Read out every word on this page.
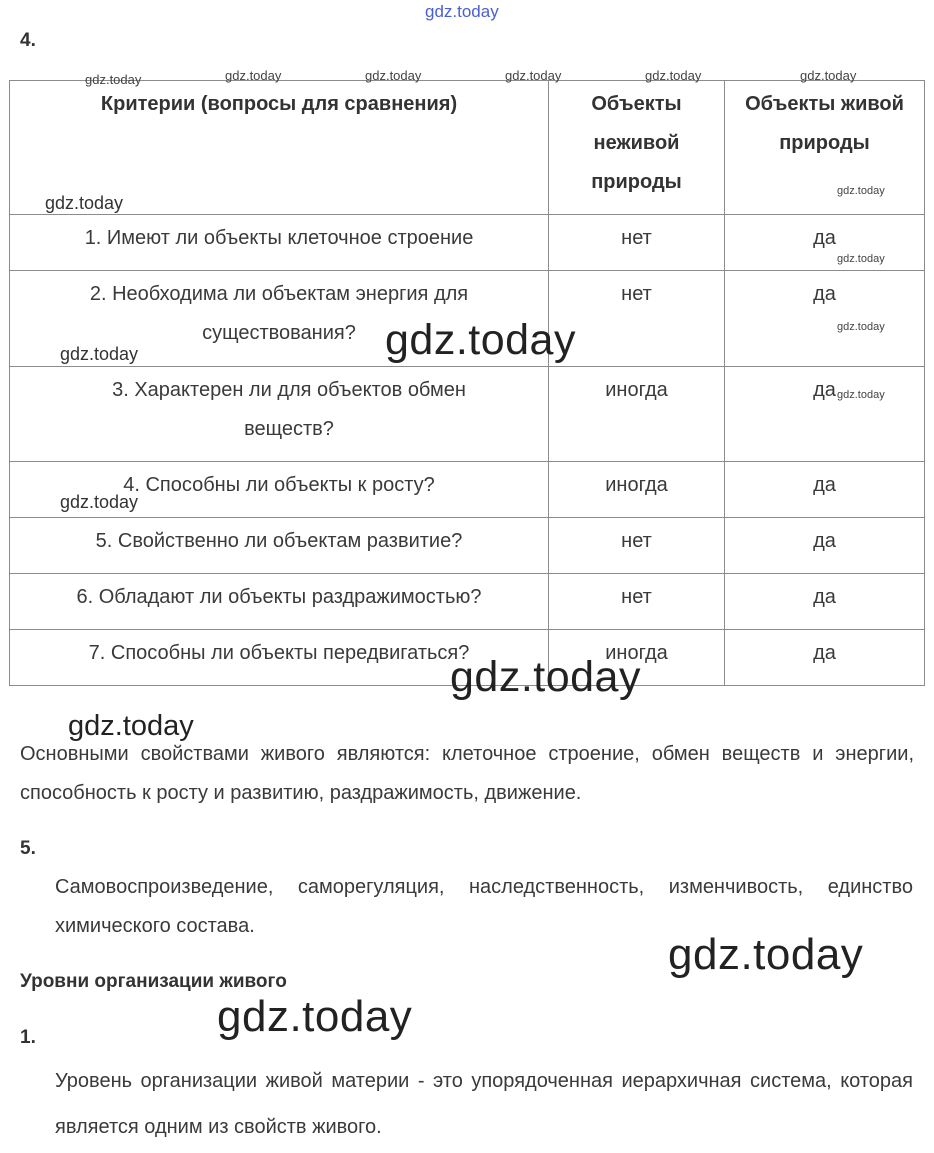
gdz.today
4.
Критерии (вопросы для сравнения)	Объекты неживой природы	Объекты живой природы
1. Имеют ли объекты клеточное строение	нет	да
2. Необходима ли объектам энергия для существования?	нет	да
3. Характерен ли для объектов обмен веществ?	иногда	да
4. Способны ли объекты к росту?	иногда	да
5. Свойственно ли объектам развитие?	нет	да
6. Обладают ли объекты раздражимостью?	нет	да
7. Способны ли объекты передвигаться?	иногда	да
gdz.today	gdz.today	gdz.today	gdz.today	gdz.today	gdz.today
gdz.today
gdz.today
gdz.today
gdz.today
gdz.today
gdz.today
gdz.today
gdz.today
gdz.today
gdz.today
Основными свойствами живого являются: клеточное строение, обмен веществ и энергии, способность к росту и развитию, раздражимость, движение.
5.
Самовоспроизведение, саморегуляция, наследственность, изменчивость, единство химического состава.
gdz.today
Уровни организации живого
gdz.today
1.
Уровень организации живой материи - это упорядоченная иерархичная система, которая является одним из свойств живого.
